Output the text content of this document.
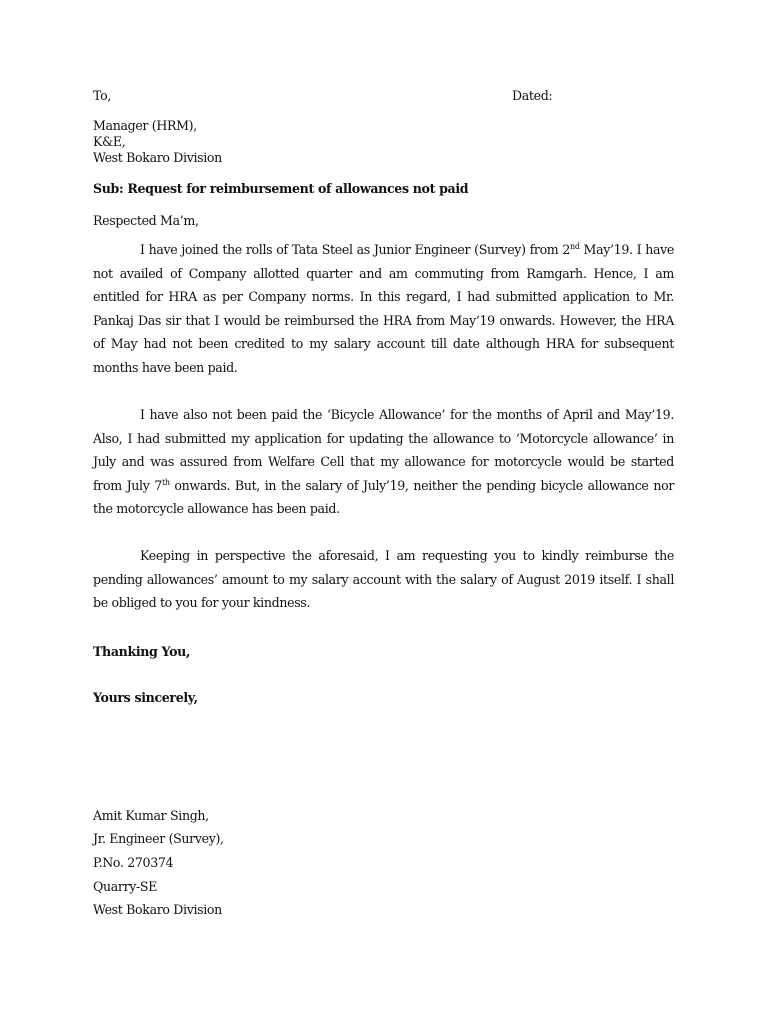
To,	Dated:
Manager (HRM),
K&E,
West Bokaro Division
Sub: Request for reimbursement of allowances not paid
Respected Ma’m,
I have joined the rolls of Tata Steel as Junior Engineer (Survey) from 2nd May’19. I have not availed of Company allotted quarter and am commuting from Ramgarh. Hence, I am entitled for HRA as per Company norms. In this regard, I had submitted application to Mr. Pankaj Das sir that I would be reimbursed the HRA from May’19 onwards. However, the HRA of May had not been credited to my salary account till date although HRA for subsequent months have been paid.
I have also not been paid the ‘Bicycle Allowance’ for the months of April and May’19. Also, I had submitted my application for updating the allowance to ‘Motorcycle allowance’ in July and was assured from Welfare Cell that my allowance for motorcycle would be started from July 7th onwards. But, in the salary of July’19, neither the pending bicycle allowance nor the motorcycle allowance has been paid.
Keeping in perspective the aforesaid, I am requesting you to kindly reimburse the pending allowances’ amount to my salary account with the salary of August 2019 itself. I shall be obliged to you for your kindness.
Thanking You,
Yours sincerely,
Amit Kumar Singh,
Jr. Engineer (Survey),
P.No. 270374
Quarry-SE
West Bokaro Division
